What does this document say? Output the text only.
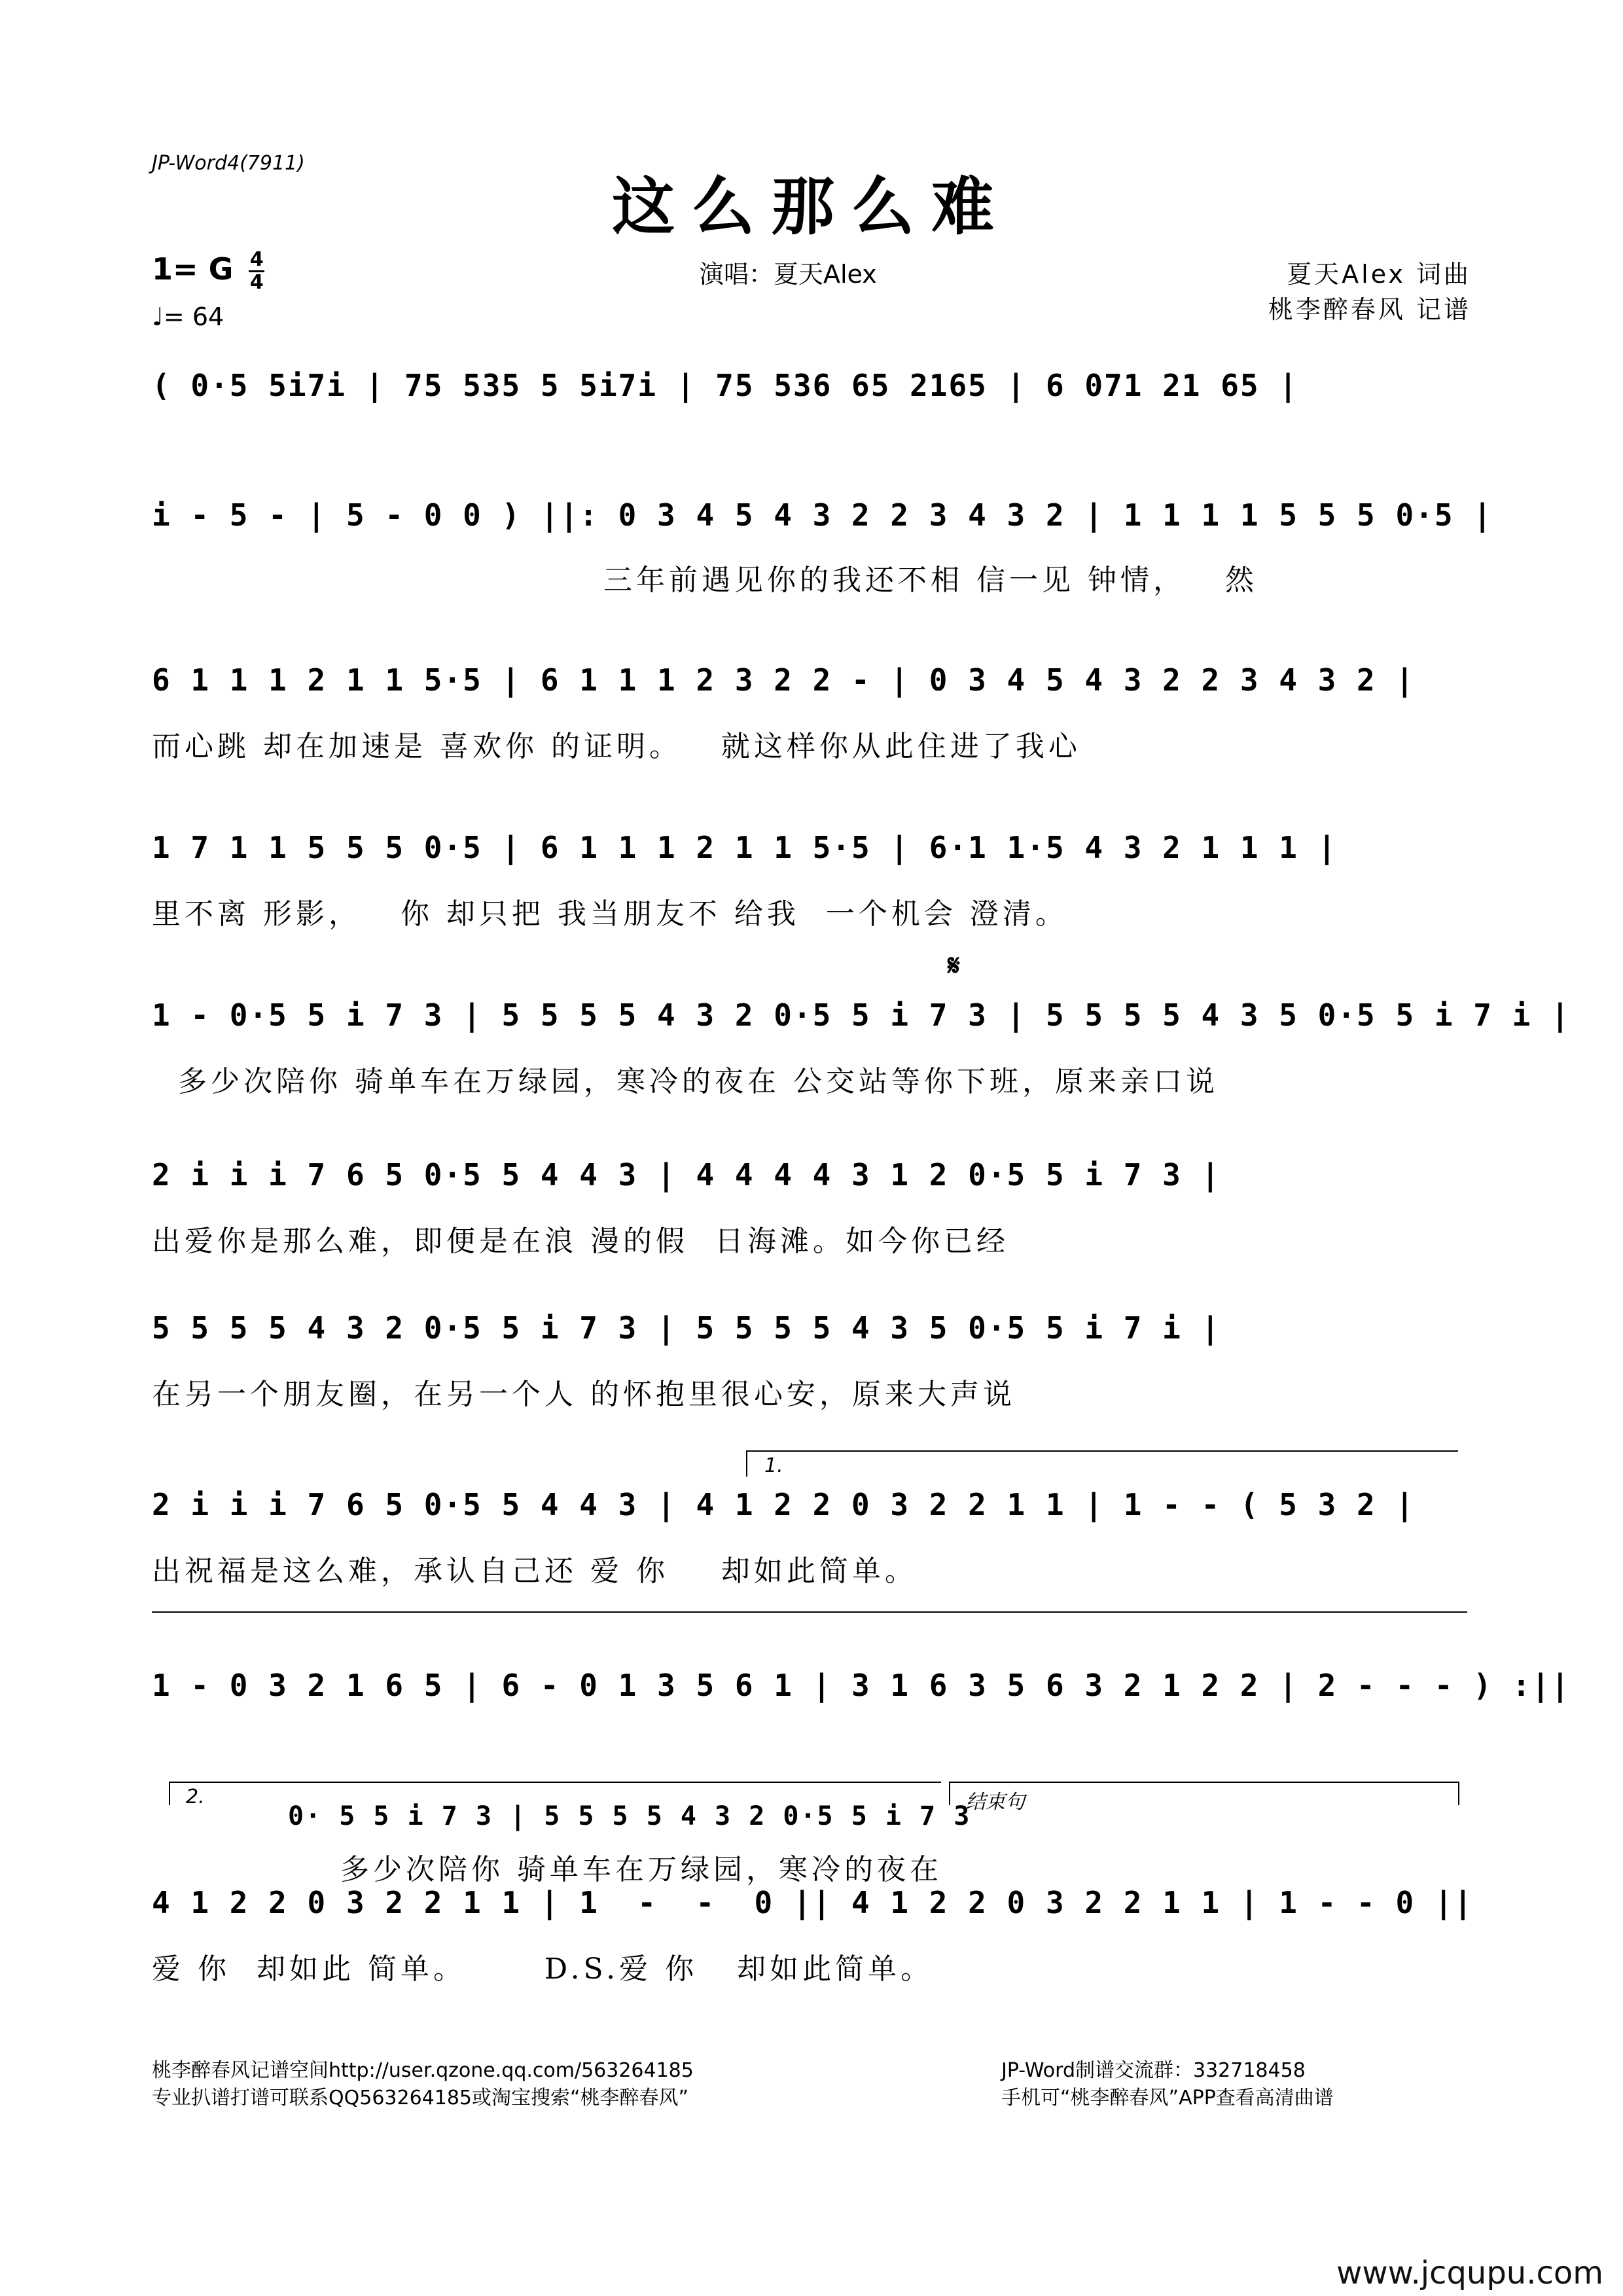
JP-Word4(7911)
这么那么难
1= G $\frac{4}{4}$
♩= 64
演唱：夏天Alex	夏天Alex 词曲
桃李醉春风 记谱
( 0·5 5i7i | 75 535 5 5i7i | 75 536 65 2165 | 6 071 21 65 |
i - 5 - | 5 - 0 0 ) ||: 0 3 4 5 4 3 2 2 3 4 3 2 | 1 1 1 1 5 5 5 0·5 |
三年前遇见你的我还不相 信一见 钟情，   然
6 1 1 1 2 1 1 5·5 | 6 1 1 1 2 3 2 2 - | 0 3 4 5 4 3 2 2 3 4 3 2 |
而心跳 却在加速是 喜欢你 的证明。   就这样你从此住进了我心
1 7 1 1 5 5 5 0·5 | 6 1 1 1 2 1 1 5·5 | 6·1 1·5 4 3 2 1 1 1 |
里不离 形影，   你 却只把 我当朋友不 给我  一个机会 澄清。
𝄋
1 - 0·5 5 i 7 3 | 5 5 5 5 4 3 2 0·5 5 i 7 3 | 5 5 5 5 4 3 5 0·5 5 i 7 i |
多少次陪你 骑单车在万绿园，寒冷的夜在 公交站等你下班，原来亲口说
2 i i i 7 6 5 0·5 5 4 4 3 | 4 4 4 4 3 1 2 0·5 5 i 7 3 |
出爱你是那么难，即便是在浪 漫的假  日海滩。如今你已经
5 5 5 5 4 3 2 0·5 5 i 7 3 | 5 5 5 5 4 3 5 0·5 5 i 7 i |
在另一个朋友圈，在另一个人 的怀抱里很心安，原来大声说
1.
2 i i i 7 6 5 0·5 5 4 4 3 | 4 1 2 2 0 3 2 2 1 1 | 1 - - ( 5 3 2 |
出祝福是这么难，承认自己还 爱 你    却如此简单。
1 - 0 3 2 1 6 5 | 6 - 0 1 3 5 6 1 | 3 1 6 3 5 6 3 2 1 2 2 | 2 - - - ) :||
2.	结束句
0· 5 5 i 7 3 | 5 5 5 5 4 3 2 0·5 5 i 7 3
多少次陪你 骑单车在万绿园，寒冷的夜在
4 1 2 2 0 3 2 2 1 1 | 1  -  -  0 || 4 1 2 2 0 3 2 2 1 1 | 1 - - 0 ||
爱 你  却如此 简单。      D.S.爱 你   却如此简单。
桃李醉春风记谱空间http://user.qzone.qq.com/563264185
专业扒谱打谱可联系QQ563264185或淘宝搜索“桃李醉春风”
JP-Word制谱交流群：332718458
手机可“桃李醉春风”APP查看高清曲谱
www.jcqupu.com
